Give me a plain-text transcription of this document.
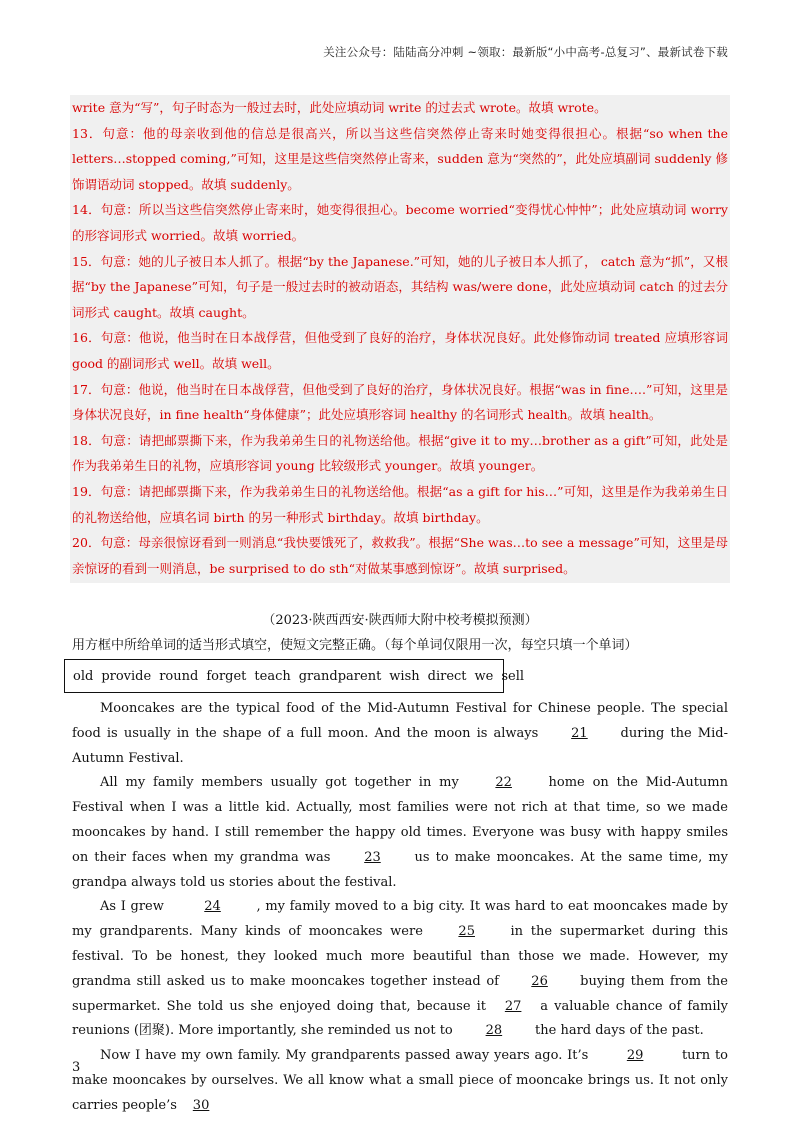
关注公众号：陆陆高分冲刺 ~领取：最新版“小中高考-总复习”、最新试卷下载

write 意为“写”，句子时态为一般过去时，此处应填动词 write 的过去式 wrote。故填 wrote。

13．句意：他的母亲收到他的信总是很高兴，所以当这些信突然停止寄来时她变得很担心。根据“so when the letters…stopped coming,”可知，这里是这些信突然停止寄来，sudden 意为“突然的”，此处应填副词 suddenly 修饰谓语动词 stopped。故填 suddenly。

14．句意：所以当这些信突然停止寄来时，她变得很担心。become worried“变得忧心忡忡”；此处应填动词 worry 的形容词形式 worried。故填 worried。

15．句意：她的儿子被日本人抓了。根据“by the Japanese.”可知，她的儿子被日本人抓了， catch 意为“抓”，又根据“by the Japanese”可知，句子是一般过去时的被动语态，其结构 was/were done，此处应填动词 catch 的过去分词形式 caught。故填 caught。

16．句意：他说，他当时在日本战俘营，但他受到了良好的治疗，身体状况良好。此处修饰动词 treated 应填形容词 good 的副词形式 well。故填 well。

17．句意：他说，他当时在日本战俘营，但他受到了良好的治疗，身体状况良好。根据“was in fine….”可知，这里是身体状况良好，in fine health“身体健康”；此处应填形容词 healthy 的名词形式 health。故填 health。

18．句意：请把邮票撕下来，作为我弟弟生日的礼物送给他。根据“give it to my…brother as a gift”可知，此处是作为我弟弟生日的礼物，应填形容词 young 比较级形式 younger。故填 younger。

19．句意：请把邮票撕下来，作为我弟弟生日的礼物送给他。根据“as a gift for his…”可知，这里是作为我弟弟生日的礼物送给他，应填名词 birth 的另一种形式 birthday。故填 birthday。

20．句意：母亲很惊讶看到一则消息“我快要饿死了，救救我”。根据“She was…to see a message”可知，这里是母亲惊讶的看到一则消息，be surprised to do sth“对做某事感到惊讶”。故填 surprised。

（2023·陕西西安·陕西师大附中校考模拟预测）
用方框中所给单词的适当形式填空，使短文完整正确。（每个单词仅限用一次，每空只填一个单词）
old provide round forget teach grandparent wish direct we sell

Mooncakes are the typical food of the Mid-Autumn Festival for Chinese people. The special food is usually in the shape of a full moon. And the moon is always 21 during the Mid-Autumn Festival.

All my family members usually got together in my 22 home on the Mid-Autumn Festival when I was a little kid. Actually, most families were not rich at that time, so we made mooncakes by hand. I still remember the happy old times. Everyone was busy with happy smiles on their faces when my grandma was 23 us to make mooncakes. At the same time, my grandpa always told us stories about the festival.

As I grew	24	, my family moved to a big city. It was hard to eat mooncakes made by my grandparents. Many kinds of mooncakes were 25 in the supermarket during this festival. To be honest, they looked much more beautiful than those we made. However, my grandma still asked us to make mooncakes together instead of 26 buying them from the supermarket. She told us she enjoyed doing that, because it 27 a valuable chance of family reunions (团聚). More importantly, she reminded us not to 28 the hard days of the past.

Now I have my own family. My grandparents passed away years ago. It’s	29	turn to make mooncakes by ourselves. We all know what a small piece of mooncake brings us. It not only carries people’s 30

3
